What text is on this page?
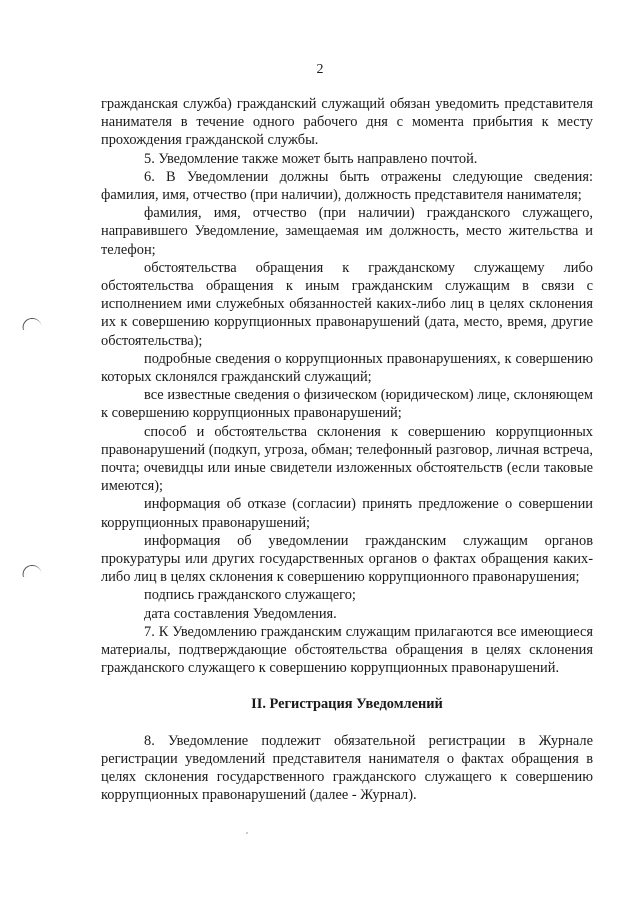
2

гражданская служба) гражданский служащий обязан уведомить представителя нанимателя в течение одного рабочего дня с момента прибытия к месту прохождения гражданской службы.

5. Уведомление также может быть направлено почтой.

6. В Уведомлении должны быть отражены следующие сведения: фамилия, имя, отчество (при наличии), должность представителя нанимателя;

фамилия, имя, отчество (при наличии) гражданского служащего, направившего Уведомление, замещаемая им должность, место жительства и телефон;

обстоятельства обращения к гражданскому служащему либо обстоятельства обращения к иным гражданским служащим в связи с исполнением ими служебных обязанностей каких-либо лиц в целях склонения их к совершению коррупционных правонарушений (дата, место, время, другие обстоятельства);

подробные сведения о коррупционных правонарушениях, к совершению которых склонялся гражданский служащий;

все известные сведения о физическом (юридическом) лице, склоняющем к совершению коррупционных правонарушений;

способ и обстоятельства склонения к совершению коррупционных правонарушений (подкуп, угроза, обман; телефонный разговор, личная встреча, почта; очевидцы или иные свидетели изложенных обстоятельств (если таковые имеются);

информация об отказе (согласии) принять предложение о совершении коррупционных правонарушений;

информация об уведомлении гражданским служащим органов прокуратуры или других государственных органов о фактах обращения каких-либо лиц в целях склонения к совершению коррупционного правонарушения;

подпись гражданского служащего;

дата составления Уведомления.

7. К Уведомлению гражданским служащим прилагаются все имеющиеся материалы, подтверждающие обстоятельства обращения в целях склонения гражданского служащего к совершению коррупционных правонарушений.

II. Регистрация Уведомлений

8. Уведомление подлежит обязательной регистрации в Журнале регистрации уведомлений представителя нанимателя о фактах обращения в целях склонения государственного гражданского служащего к совершению коррупционных правонарушений (далее - Журнал).
